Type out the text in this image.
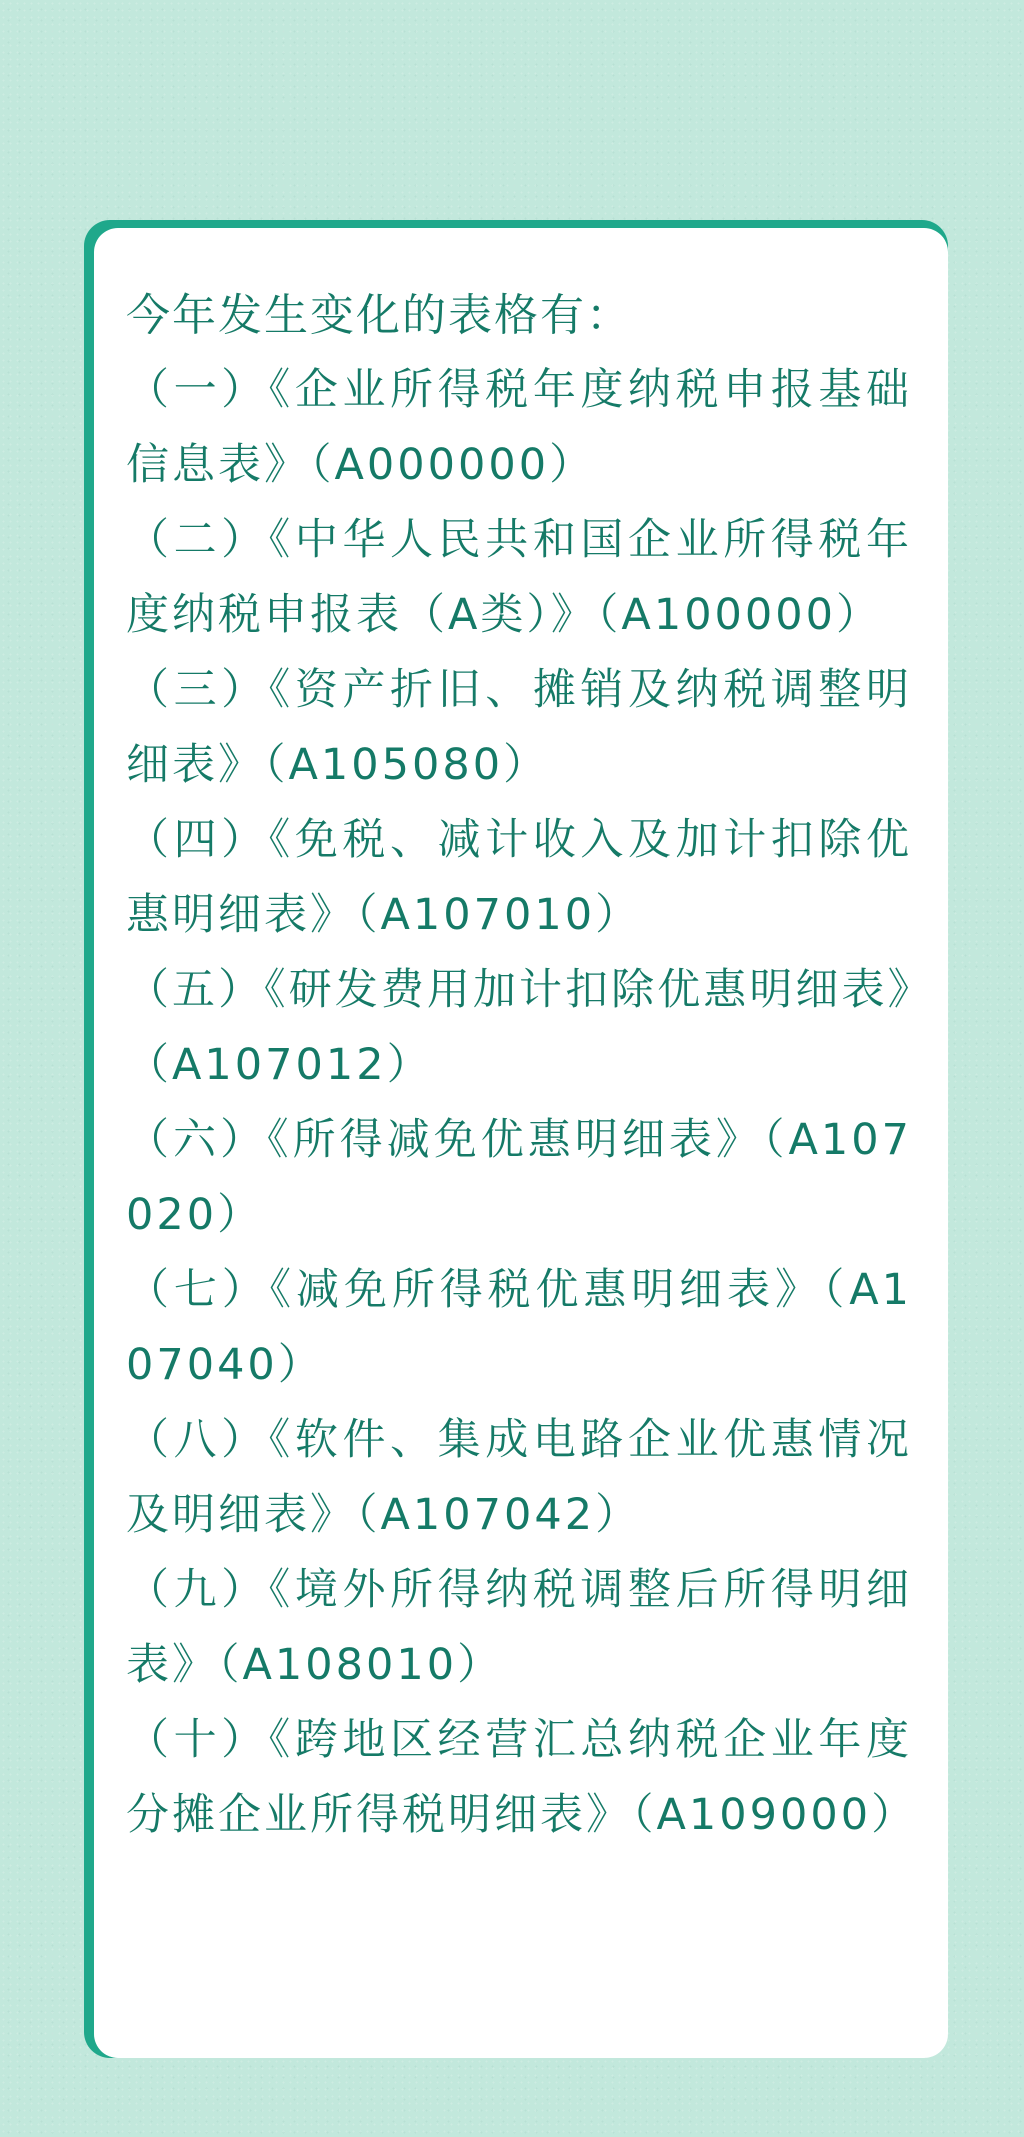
今年发生变化的表格有：
（一）《企业所得税年度纳税申报基础信息表》（A000000）
（二）《中华人民共和国企业所得税年度纳税申报表（A类）》（A100000）
（三）《资产折旧、摊销及纳税调整明细表》（A105080）
（四）《免税、减计收入及加计扣除优惠明细表》（A107010）
（五）《研发费用加计扣除优惠明细表》（A107012）
（六）《所得减免优惠明细表》（A107020）
（七）《减免所得税优惠明细表》（A107040）
（八）《软件、集成电路企业优惠情况及明细表》（A107042）
（九）《境外所得纳税调整后所得明细表》（A108010）
（十）《跨地区经营汇总纳税企业年度分摊企业所得税明细表》（A109000）
